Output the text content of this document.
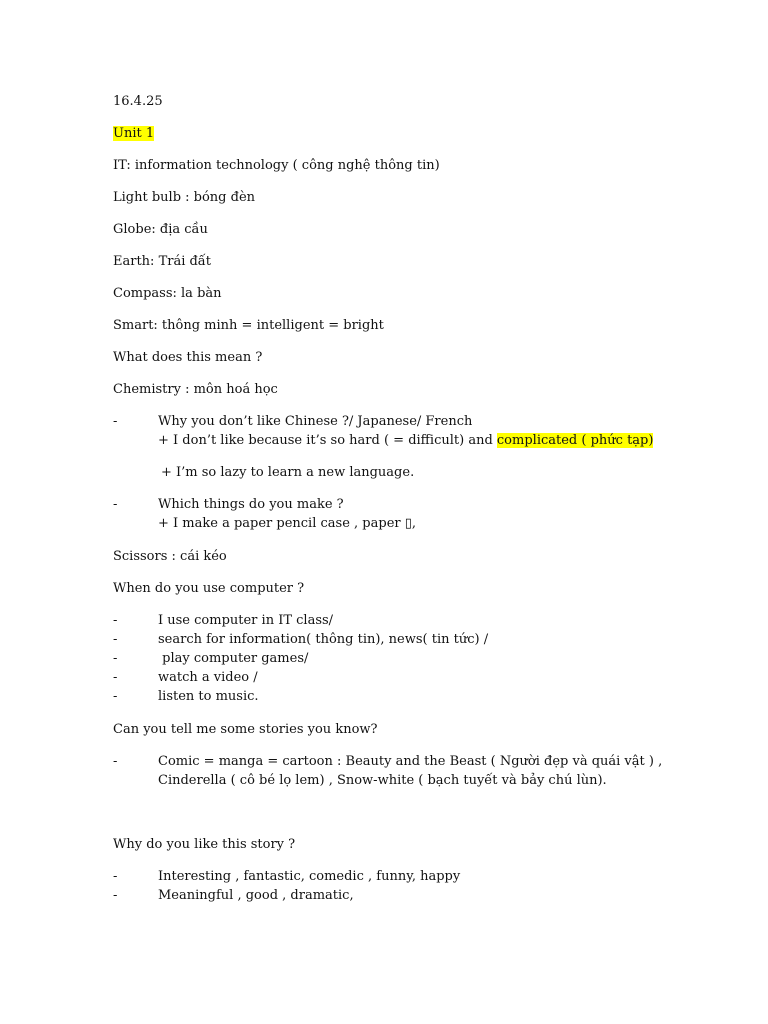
16.4.25
Unit 1
IT: information technology ( công nghệ thông tin)
Light bulb : bóng đèn
Globe: địa cầu
Earth: Trái đất
Compass: la bàn
Smart: thông minh = intelligent = bright
What does this mean ?
Chemistry : môn hoá học
-	Why you don’t like Chinese ?/ Japanese/ French
+ I don’t like because it’s so hard ( = difficult) and complicated ( phức tạp)
+ I’m so lazy to learn a new language.
-	Which things do you make ?
+ I make a paper pencil case , paper ▯,
Scissors : cái kéo
When do you use computer ?
-	I use computer in IT class/
-	search for information( thông tin), news( tin tức) /
-	play computer games/
-	watch a video /
-	listen to music.
Can you tell me some stories you know?
-	Comic = manga = cartoon : Beauty and the Beast ( Người đẹp và quái vật ) ,
Cinderella ( cô bé lọ lem) , Snow-white ( bạch tuyết và bảy chú lùn).
Why do you like this story ?
-	Interesting , fantastic, comedic , funny, happy
-	Meaningful , good , dramatic,
